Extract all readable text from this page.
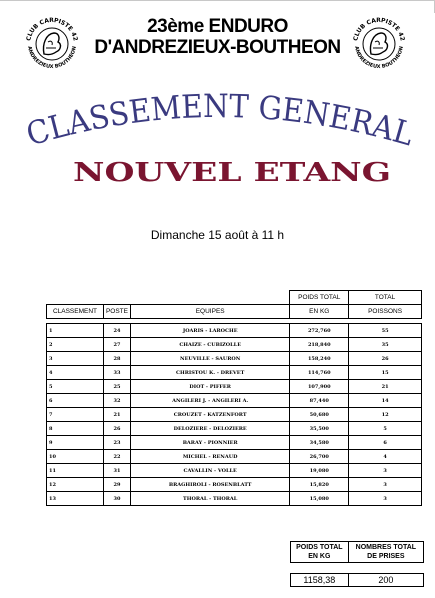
CLUB CARPISTE 42
ANDREZIEUX BOUTHEON
CLUB CARPISTE 42
ANDREZIEUX BOUTHEON
23ème ENDURO
D'ANDREZIEUX-BOUTHEON
CLASSEMENT GENERAL
NOUVEL ETANG
Dimanche 15 août à 11 h
			POIDS TOTAL	TOTAL
CLASSEMENT	POSTE	EQUIPES	EN KG	POISSONS

1	24	JOARIS - LAROCHE	272,760	55
2	27	CHAIZE - CUBIZOLLE	218,840	35
3	28	NEUVILLE - SAURON	158,240	26
4	33	CHRISTOU K. - DREVET	114,760	15
5	25	DIOT - PIFFER	107,900	21
6	32	ANGILERI J. - ANGILERI A.	87,440	14
7	21	CROUZET - KATZENFORT	50,680	12
8	26	DELOZIERE - DELOZIERE	35,500	5
9	23	BARAY - PIONNIER	34,580	6
10	22	MICHEL - RENAUD	26,700	4
11	31	CAVALLIN - VOLLE	19,080	3
12	29	BRAGHIROLI - ROSENBLATT	15,820	3
13	30	THORAL - THORAL	15,080	3
POIDS TOTAL EN KG	NOMBRES TOTAL DE PRISES

1158,38	200
